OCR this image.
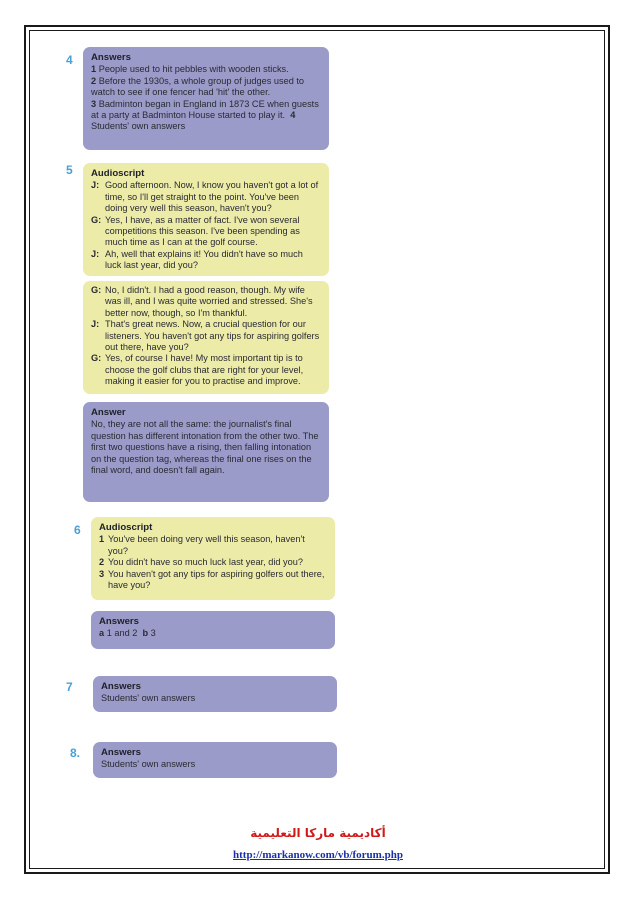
4 Answers

1 People used to hit pebbles with wooden sticks.

2 Before the 1930s, a whole group of judges used to watch to see if one fencer had 'hit' the other.

3 Badminton began in England in 1873 CE when guests at a party at Badminton House started to play it. 4 Students' own answers

5 Audioscript
J: Good afternoon. Now, I know you haven't got a lot of time, so I'll get straight to the point. You've been doing very well this season, haven't you?
G: Yes, I have, as a matter of fact. I've won several competitions this season. I've been spending as much time as I can at the golf course.
J: Ah, well that explains it! You didn't have so much luck last year, did you?
G: No, I didn't. I had a good reason, though. My wife was ill, and I was quite worried and stressed. She's better now, though, so I'm thankful.
J: That's great news. Now, a crucial question for our listeners. You haven't got any tips for aspiring golfers out there, have you?
G: Yes, of course I have! My most important tip is to choose the golf clubs that are right for your level, making it easier for you to practise and improve.
Answer

No, they are not all the same: the journalist's final question has different intonation from the other two. The first two questions have a rising, then falling intonation on the question tag, whereas the final one rises on the final word, and doesn't fall again.

6 Audioscript
1 You've been doing very well this season, haven't you?
2 You didn't have so much luck last year, did you?
3 You haven't got any tips for aspiring golfers out there, have you?
Answers

a 1 and 2 b 3

7	Answers

Students' own answers

8. Answers

Students' own answers

أكاديمية ماركا التعليمية
http://markanow.com/vb/forum.php
